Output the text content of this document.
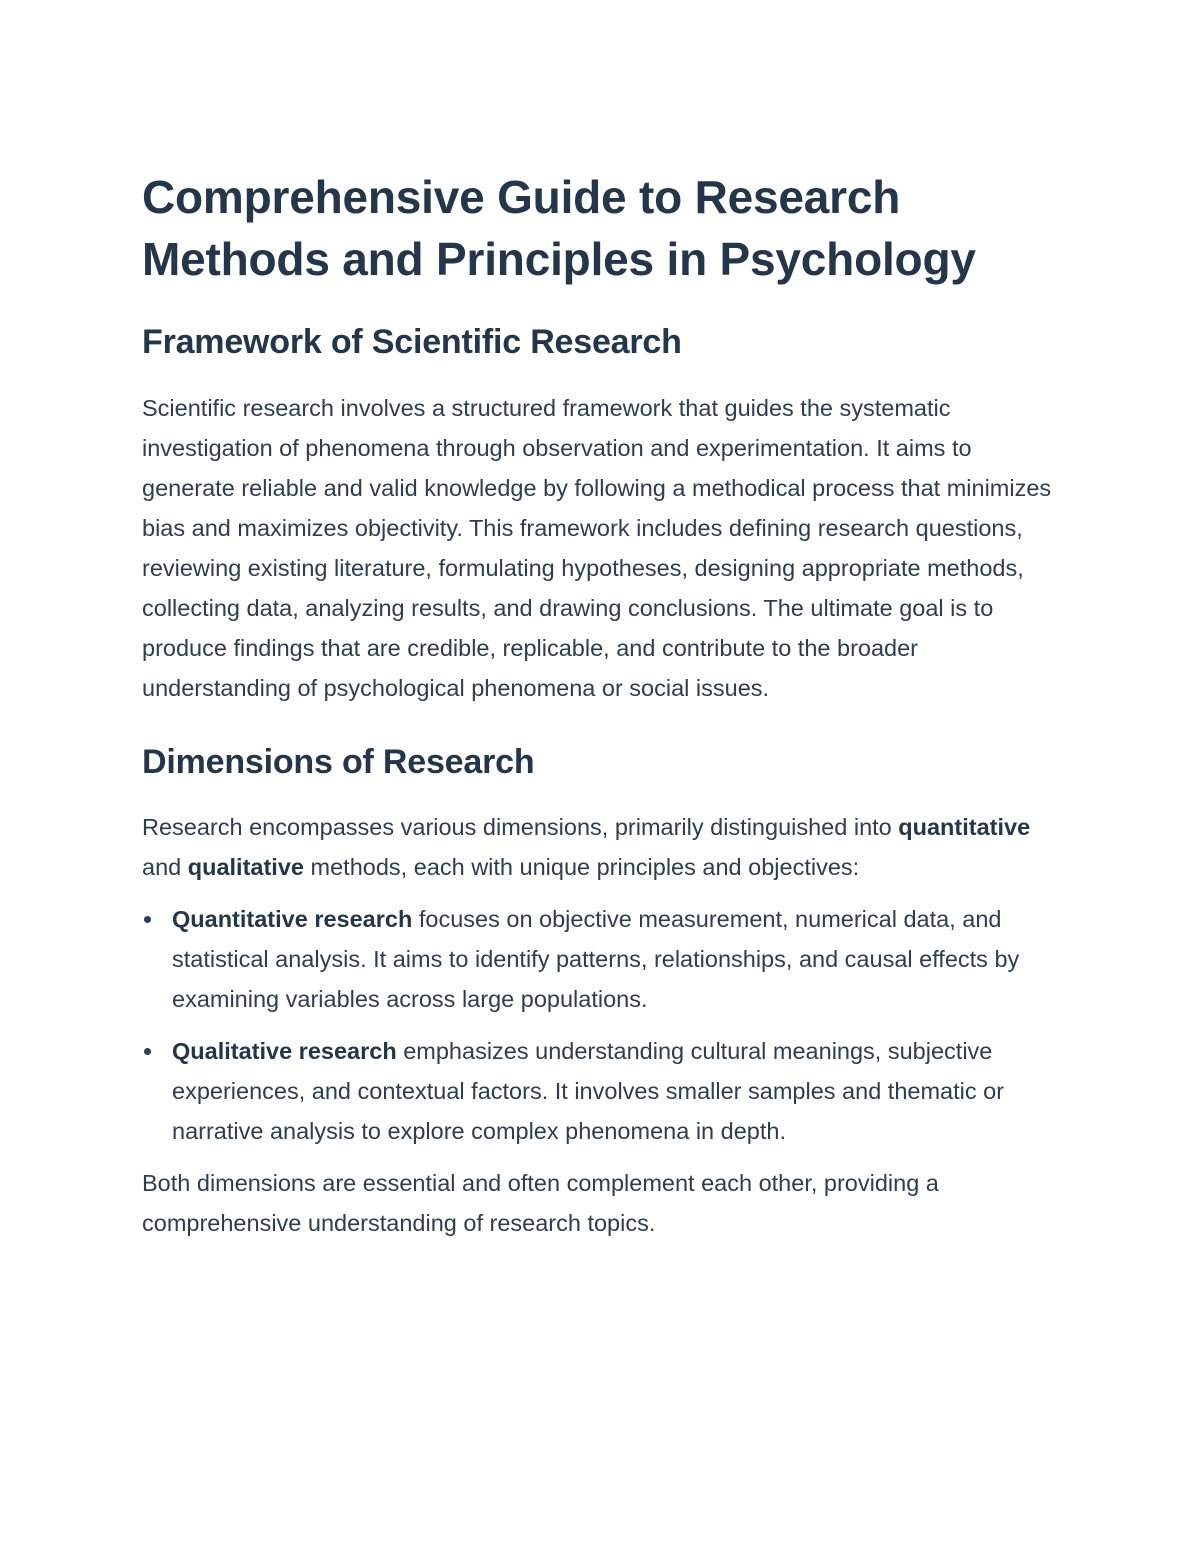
Comprehensive Guide to Research Methods and Principles in Psychology
Framework of Scientific Research

Scientific research involves a structured framework that guides the systematic investigation of phenomena through observation and experimentation. It aims to generate reliable and valid knowledge by following a methodical process that minimizes bias and maximizes objectivity. This framework includes defining research questions, reviewing existing literature, formulating hypotheses, designing appropriate methods, collecting data, analyzing results, and drawing conclusions. The ultimate goal is to produce findings that are credible, replicable, and contribute to the broader understanding of psychological phenomena or social issues.

Dimensions of Research

Research encompasses various dimensions, primarily distinguished into quantitative and qualitative methods, each with unique principles and objectives:

Quantitative research focuses on objective measurement, numerical data, and statistical analysis. It aims to identify patterns, relationships, and causal effects by examining variables across large populations.
Qualitative research emphasizes understanding cultural meanings, subjective experiences, and contextual factors. It involves smaller samples and thematic or narrative analysis to explore complex phenomena in depth.

Both dimensions are essential and often complement each other, providing a comprehensive understanding of research topics.
